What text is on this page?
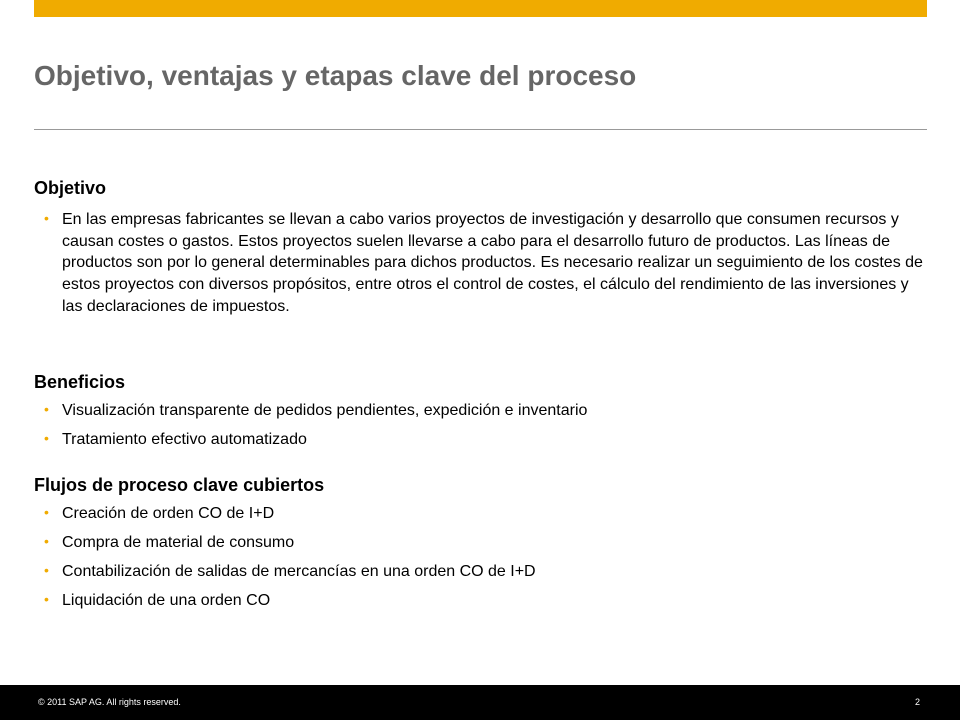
Objetivo, ventajas y etapas clave del proceso
Objetivo
• En las empresas fabricantes se llevan a cabo varios proyectos de investigación y desarrollo que consumen recursos y causan costes o gastos. Estos proyectos suelen llevarse a cabo para el desarrollo futuro de productos. Las líneas de productos son por lo general determinables para dichos productos. Es necesario realizar un seguimiento de los costes de estos proyectos con diversos propósitos, entre otros el control de costes, el cálculo del rendimiento de las inversiones y las declaraciones de impuestos.
Beneficios
• Visualización transparente de pedidos pendientes, expedición e inventario
• Tratamiento efectivo automatizado
Flujos de proceso clave cubiertos
• Creación de orden CO de I+D
• Compra de material de consumo
• Contabilización de salidas de mercancías en una orden CO de I+D
• Liquidación de una orden CO
© 2011 SAP AG. All rights reserved.	2
